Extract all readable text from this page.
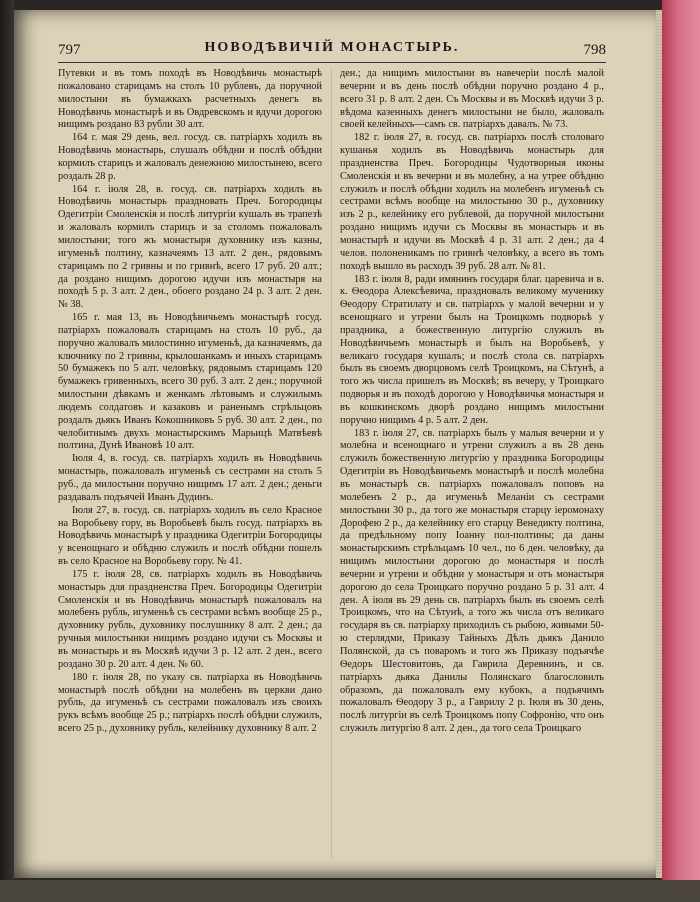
797	НОВОДѢВИЧІЙ МОНАСТЫРЬ.	798

Путевки и въ томъ походѣ въ Новодѣвичь монастырѣ пожаловано старицамъ на столъ 10 рублевъ, да поручной милостыни въ бумажкахъ расчетныхъ денегъ въ Новодѣвичь монастырѣ и въ Овдревскомъ и вдучи дорогою нищимъ роздано 83 рубли 30 алт.

164 г. мая 29 день, вел. госуд. св. патріархъ ходилъ въ Новодѣвичь монастырь, слушалъ обѣдни и послѣ обѣдни кормилъ старицъ и жаловалъ денежною милостынею, всего роздалъ 28 р.

164 г. іюля 28, в. госуд. св. патріархъ ходилъ въ Новодѣвичь монастырь праздновать Преч. Богородицы Одегитріи Смоленскія и послѣ литургіи кушалъ въ трапезѣ и жаловалъ кормилъ старицъ и за столомъ пожаловалъ милостыни; того жъ монастыря духовнику изъ казны, игуменьѣ полтину, казначеямъ 13 алт. 2 ден., рядовымъ старицамъ по 2 гривны и по гривнѣ, всего 17 руб. 20 алт.; да роздано нищимъ дорогою идучи изъ монастыря на походѣ 5 р. 3 алт. 2 ден., обоего роздано 24 р. 3 алт. 2 ден. № 38.

165 г. мая 13, въ Новодѣвичьемъ монастырѣ госуд. патріархъ пожаловалъ старицамъ на столъ 10 руб., да поручно жаловалъ милостинно игуменьѣ, да казначеямъ, да ключнику по 2 гривны, крылошанкамъ и иныхъ старицамъ 50 бумажекъ по 5 алт. человѣку, рядовымъ старицамъ 120 бумажекъ гривенныхъ, всего 30 руб. 3 алт. 2 ден.; поручной милостыни дѣвкамъ и женкамъ лѣтовымъ и служилымъ людемъ солдатовъ и казаковъ и раненымъ стрѣльцовъ роздалъ дьякъ Иванъ Кокошниковъ 5 руб. 30 алт. 2 ден., по челобитнымъ двухъ монастырскимъ Марьицѣ Матвѣевѣ полтина, Дунѣ Ивановѣ 10 алт.

Іюля 4, в. госуд. св. патріархъ ходилъ въ Новодѣвичь монастырь, пожаловалъ игуменьѣ съ сестрами на столъ 5 руб., да милостыни поручно нищимъ 17 алт. 2 ден.; деньги раздавалъ подъячей Иванъ Дудинъ.

Іюля 27, в. госуд. св. патріархъ ходилъ въ село Красное на Воробьеву гору, въ Воробьевѣ былъ госуд. патріархъ въ Новодѣвичь монастырѣ у праздника Одегитріи Богородицы у всенощнаго и обѣдню служилъ и послѣ обѣдни пошелъ въ село Красное на Воробьеву гору. № 41.

175 г. іюля 28, св. патріархъ ходилъ въ Новодѣвичь монастырь для праздненства Преч. Богородицы Одегитріи Смоленскія и въ Новодѣвичь монастырѣ пожаловалъ на молебенъ рубль, игуменьѣ съ сестрами всѣмъ вообще 25 р., духовнику рубль, духовнику послушнику 8 алт. 2 ден.; да ручныя милостынки нищимъ роздано идучи съ Москвы и въ монастырь и въ Москвѣ идучи 3 р. 12 алт. 2 ден., всего роздано 30 р. 20 алт. 4 ден. № 60.

180 г. іюля 28, по указу св. патріарха въ Новодѣвичь монастырѣ послѣ обѣдни на молебенъ въ церкви дано рубль, да игуменьѣ съ сестрами пожаловалъ изъ своихъ рукъ всѣмъ вообще 25 р.; патріархъ послѣ обѣдни служилъ, всего 25 р., духовнику рубль, келейнику духовнику 8 алт. 2

ден.; да нищимъ милостыни въ навечеріи послѣ малой вечерни и въ день послѣ обѣдни поручно роздано 4 р., всего 31 р. 8 алт. 2 ден. Съ Москвы и въ Москвѣ идучи 3 р. вѣдома казенныхъ денегъ милостыни не было, жаловалъ своей келейныхъ—самъ св. патріархъ давалъ. № 73.

182 г. іюля 27, в. госуд. св. патріархъ послѣ столоваго кушанья ходилъ въ Новодѣвичь монастырь для праздненства Преч. Богородицы Чудотворныя иконы Смоленскія и въ вечерни и въ молебну, а на утрее обѣдню служилъ и послѣ обѣдни ходилъ на молебенъ игуменьѣ съ сестрами всѣмъ вообще на милостыню 30 р., духовнику изъ 2 р., келейнику его рублевой, да поручной милостыни роздано нищимъ идучи съ Москвы въ монастырь и въ монастырѣ и идучи въ Москвѣ 4 р. 31 алт. 2 ден.; да 4 челов. полоненикамъ по гривнѣ человѣку, а всего въ томъ походѣ вышло въ расходъ 39 руб. 28 алт. № 81.

183 г. іюля 8, ради имянинъ государя благ. царевича и в. к. Ѳеодора Алексѣевича, праздновалъ великому мученику Ѳеодору Стратилату и св. патріархъ у малой вечерни и у всенощнаго и утрени былъ на Троицкомъ подворьѣ у праздника, а божественную литургію служилъ въ Новодѣвичьемъ монастырѣ и былъ на Воробьевѣ, у великаго государя кушалъ; и послѣ стола св. патріархъ былъ въ своемъ дворцовомъ селѣ Троицкомъ, на Сѣтунѣ, а того жъ числа пришелъ въ Москвѣ; въ вечеру, у Троицкаго подворья и въ походѣ дорогою у Новодѣвичья монастыря и въ кошкинскомъ дворѣ роздано нищимъ милостыни поручно нищимъ 4 р. 5 алт. 2 ден.

183 г. іюля 27, св. патріархъ былъ у малыя вечерни и у молебна и всенощнаго и утрени служилъ а въ 28 день служилъ божественную литургію у праздника Богородицы Одегитріи въ Новодѣвичьемъ монастырѣ и послѣ молебна въ монастырѣ св. патріархъ пожаловалъ поповъ на молебенъ 2 р., да игуменьѣ Меланіи съ сестрами милостыни 30 р., да того же монастыря старцу іеромонаху Дорофею 2 р., да келейнику его старцу Венедикту полтина, да предѣльному попу Іоанну пол-полтины; да даны монастырскимъ стрѣльцамъ 10 чел., по 6 ден. человѣку, да нищимъ милостыни дорогою до монастыря и послѣ вечерни и утрени и обѣдни у монастыря и отъ монастыря дорогою до села Троицкаго поручно роздано 5 р. 31 алт. 4 ден. А іюля въ 29 день св. патріархъ былъ въ своемъ селѣ Троицкомъ, что на Сѣтунѣ, а того жъ числа отъ великаго государя въ св. патріарху приходилъ съ рыбою, живыми 50-ю стерлядми, Приказу Тайныхъ Дѣлъ дьякъ Данило Полянской, да съ поваромъ и того жъ Приказу подъячѣе Ѳедоръ Шестовитовъ, да Гаврила Деревнинъ, и св. патріархъ дьяка Данилы Полянскаго благословилъ образомъ, да пожаловалъ ему кубокъ, а подъячимъ пожаловалъ Ѳеодору 3 р., а Гаврилу 2 р. Іюля въ 30 день, послѣ литургіи въ селѣ Троицкомъ попу Софронію, что онъ служилъ литургію 8 алт. 2 ден., да того села Троицкаго
